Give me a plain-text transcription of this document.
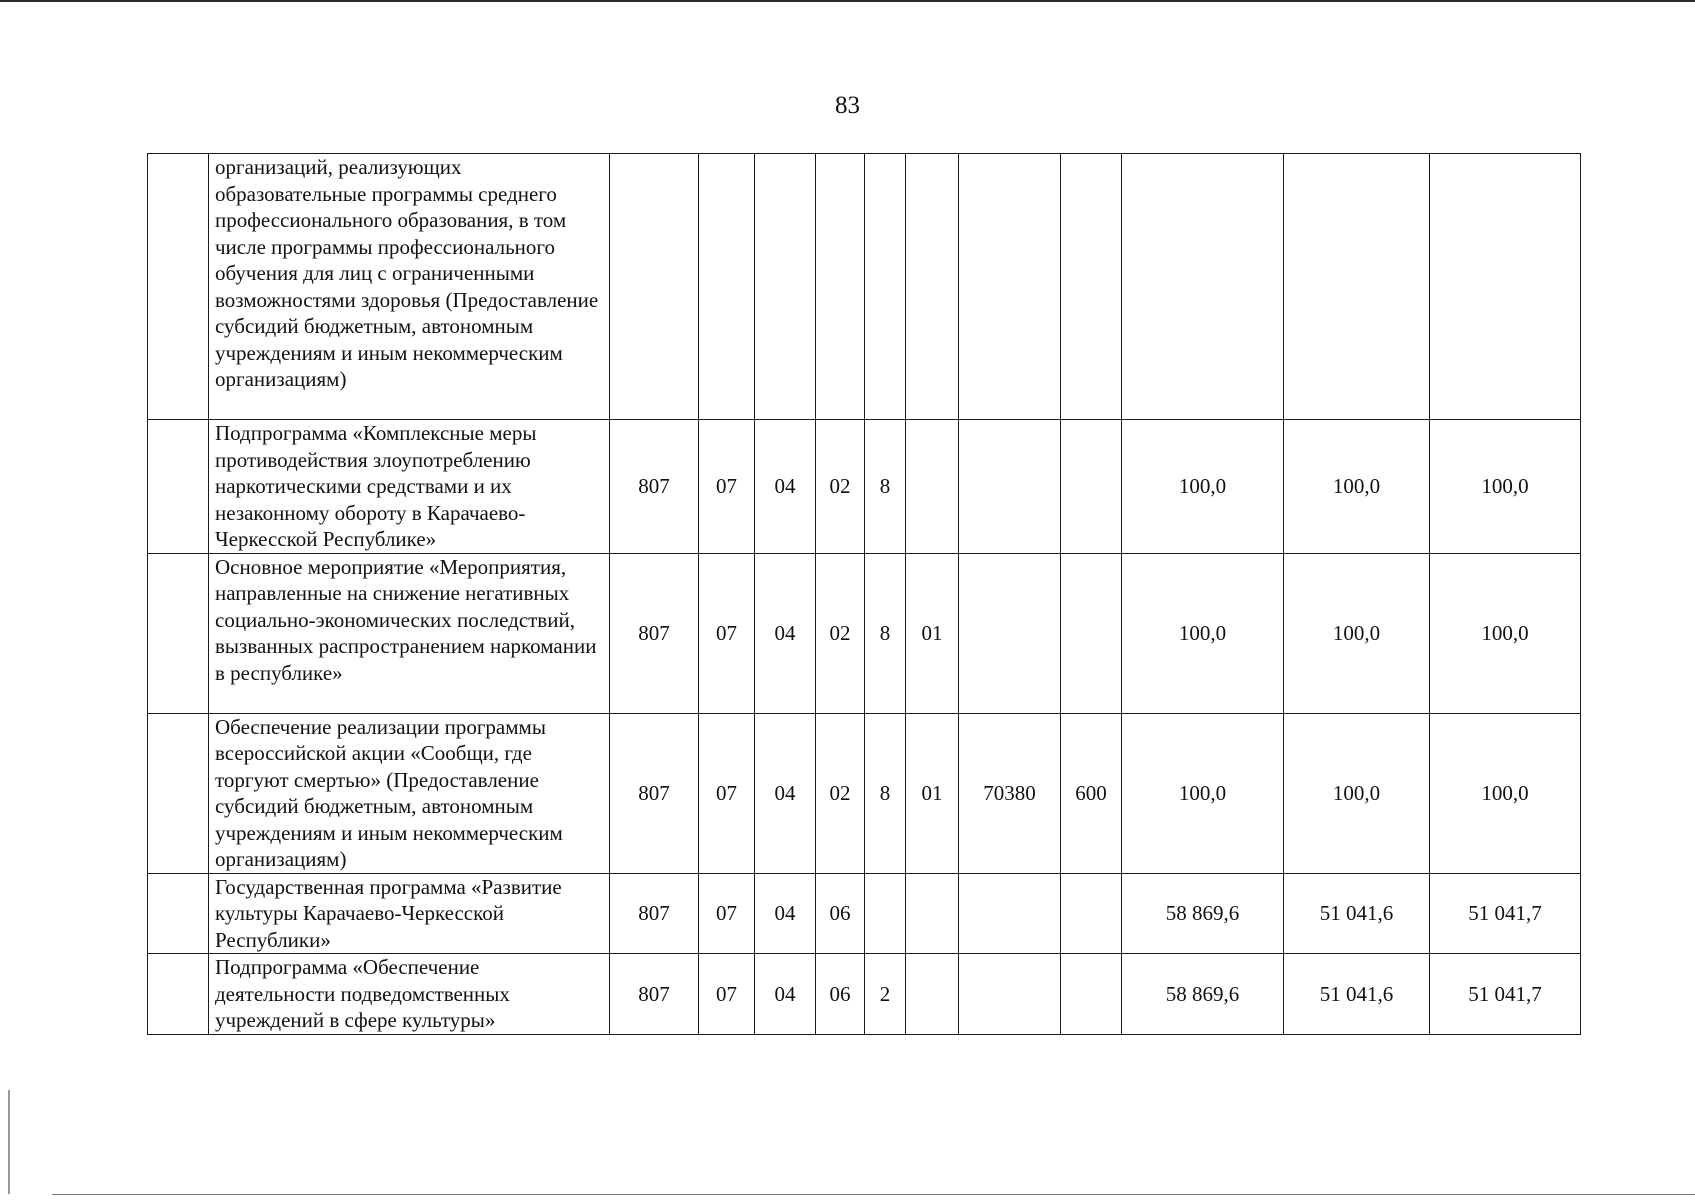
83
	организаций, реализующих образовательные программы среднего профессионального образования, в том числе программы профессионального обучения для лиц с ограниченными возможностями здоровья (Предоставление субсидий бюджетным, автономным учреждениям и иным некоммерческим организациям)											
	Подпрограмма «Комплексные меры противодействия злоупотреблению наркотическими средствами и их незаконному обороту в Карачаево-Черкесской Республике»	807	07	04	02	8				100,0	100,0	100,0
	Основное мероприятие «Мероприятия, направленные на снижение негативных социально-экономических последствий, вызванных распространением наркомании в республике»	807	07	04	02	8	01			100,0	100,0	100,0
	Обеспечение реализации программы всероссийской акции «Сообщи, где торгуют смертью» (Предоставление субсидий бюджетным, автономным учреждениям и иным некоммерческим организациям)	807	07	04	02	8	01	70380	600	100,0	100,0	100,0
	Государственная программа «Развитие культуры Карачаево-Черкесской Республики»	807	07	04	06					58 869,6	51 041,6	51 041,7
	Подпрограмма «Обеспечение деятельности подведомственных учреждений в сфере культуры»	807	07	04	06	2				58 869,6	51 041,6	51 041,7
